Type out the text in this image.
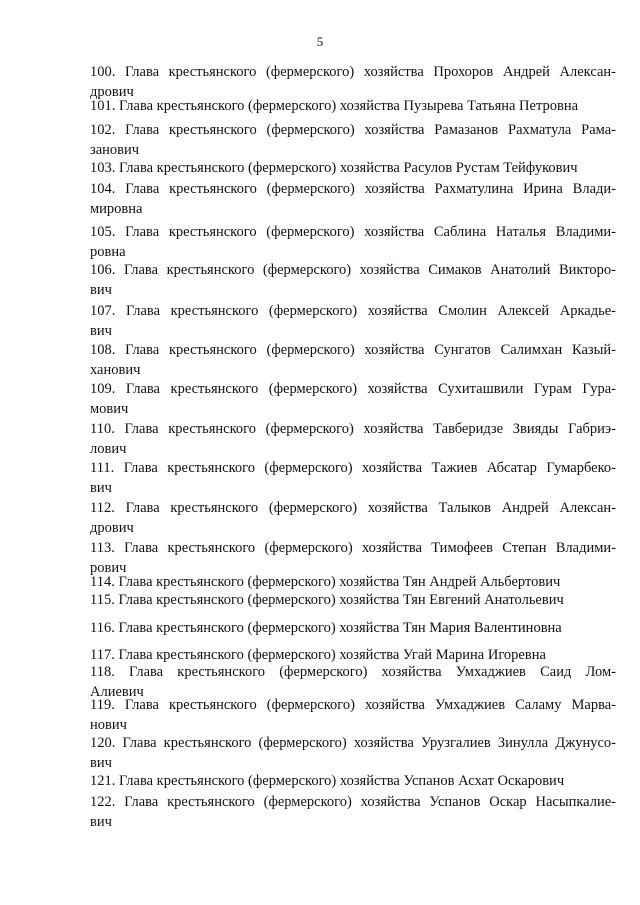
5
100. Глава крестьянского (фермерского) хозяйства Прохоров Андрей Алексан-
дрович
101. Глава крестьянского (фермерского) хозяйства Пузырева Татьяна Петровна
102. Глава крестьянского (фермерского) хозяйства Рамазанов Рахматула Рама-
занович
103. Глава крестьянского (фермерского) хозяйства Расулов Рустам Тейфукович
104. Глава крестьянского (фермерского) хозяйства Рахматулина Ирина Влади-
мировна
105. Глава крестьянского (фермерского) хозяйства Саблина Наталья Владими-
ровна
106. Глава крестьянского (фермерского) хозяйства Симаков Анатолий Викторо-
вич
107. Глава крестьянского (фермерского) хозяйства Смолин Алексей Аркадье-
вич
108. Глава крестьянского (фермерского) хозяйства Сунгатов Салимхан Казый-
ханович
109. Глава крестьянского (фермерского) хозяйства Сухиташвили Гурам Гура-
мович
110. Глава крестьянского (фермерского) хозяйства Тавберидзе Звияды Габриэ-
лович
111. Глава крестьянского (фермерского) хозяйства Тажиев Абсатар Гумарбеко-
вич
112. Глава крестьянского (фермерского) хозяйства Талыков Андрей Алексан-
дрович
113. Глава крестьянского (фермерского) хозяйства Тимофеев Степан Владими-
рович
114. Глава крестьянского (фермерского) хозяйства Тян Андрей Альбертович
115. Глава крестьянского (фермерского) хозяйства Тян Евгений Анатольевич
116. Глава крестьянского (фермерского) хозяйства Тян Мария Валентиновна
117. Глава крестьянского (фермерского) хозяйства Угай Марина Игоревна
118. Глава крестьянского (фермерского) хозяйства Умхаджиев Саид Лом-
Алиевич
119. Глава крестьянского (фермерского) хозяйства Умхаджиев Саламу Марва-
нович
120. Глава крестьянского (фермерского) хозяйства Урузгалиев Зинулла Джунусо-
вич
121. Глава крестьянского (фермерского) хозяйства Успанов Асхат Оскарович
122. Глава крестьянского (фермерского) хозяйства Успанов Оскар Насыпкалие-
вич
